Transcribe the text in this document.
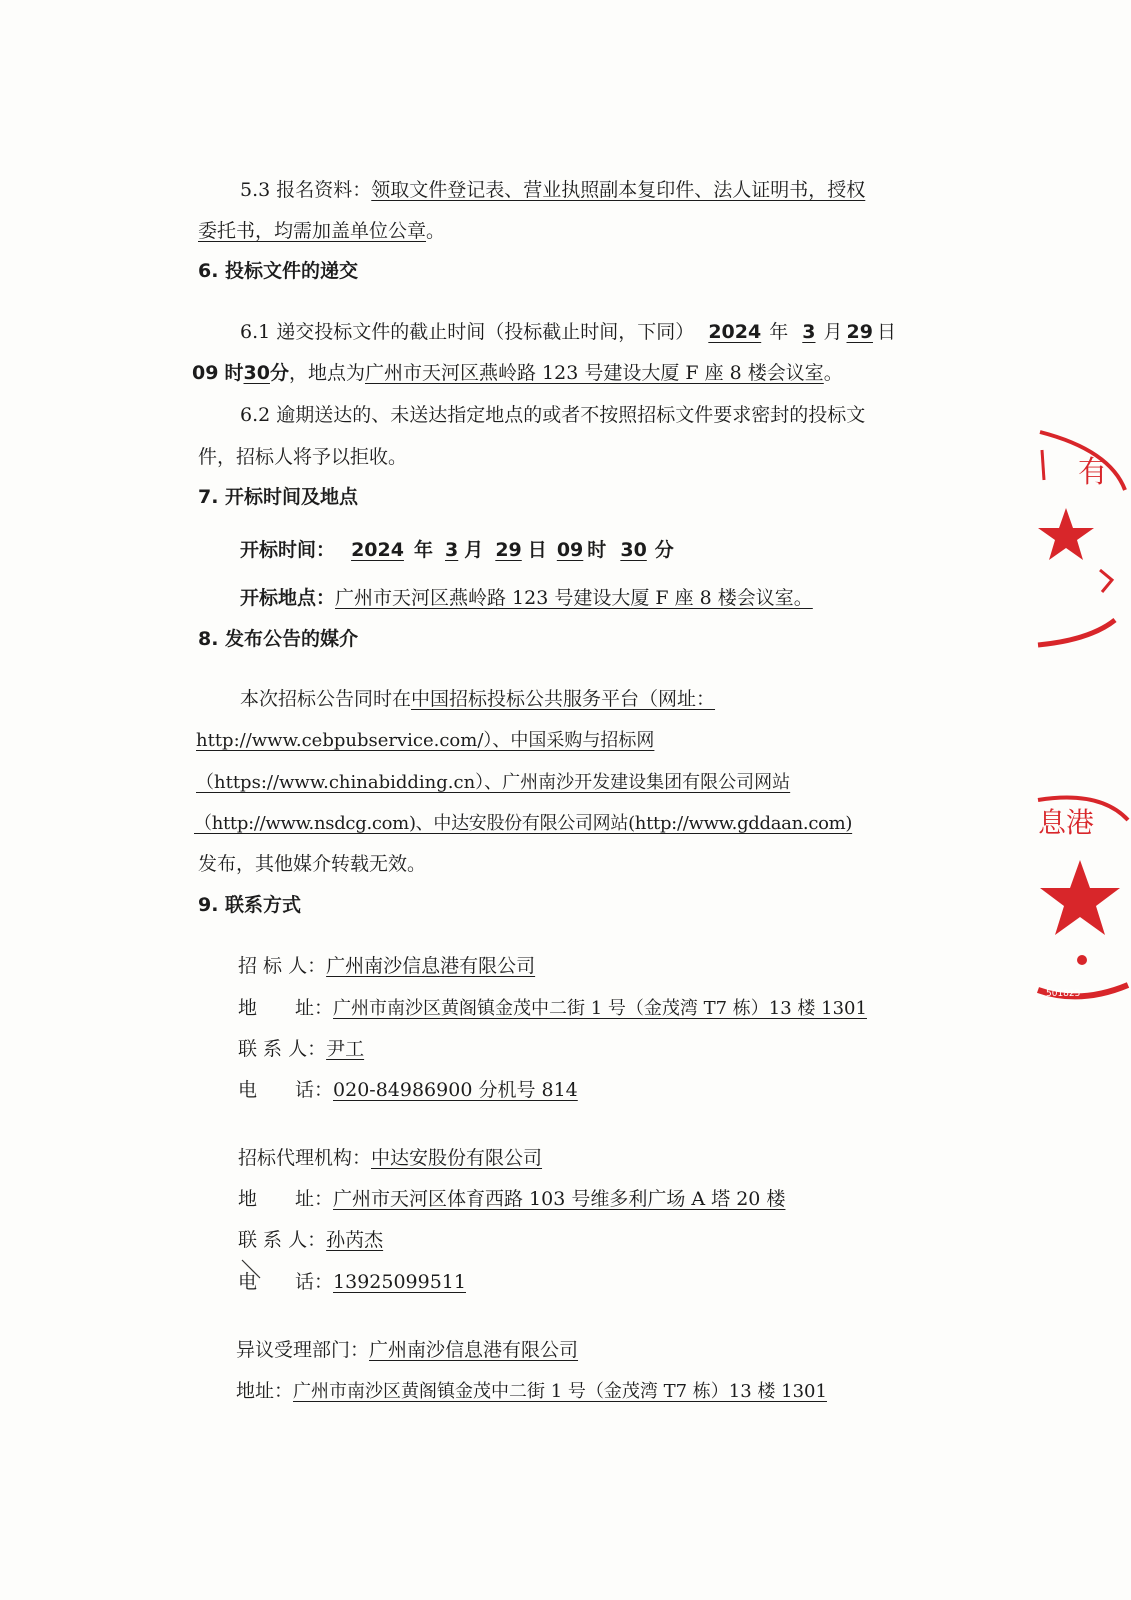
5.3 报名资料：领取文件登记表、营业执照副本复印件、法人证明书，授权
委托书，均需加盖单位公章。
6. 投标文件的递交
6.1 递交投标文件的截止时间（投标截止时间，下同） 2024 年 3 月 29 日
09 时30分，地点为广州市天河区燕岭路 123 号建设大厦 F 座 8 楼会议室。
6.2 逾期送达的、未送达指定地点的或者不按照招标文件要求密封的投标文
件，招标人将予以拒收。
7. 开标时间及地点
开标时间： 2024 年 3 月 29 日 09 时 30 分
开标地点：广州市天河区燕岭路 123 号建设大厦 F 座 8 楼会议室。
8. 发布公告的媒介
本次招标公告同时在中国招标投标公共服务平台（网址：
http://www.cebpubservice.com/）、中国采购与招标网
（https://www.chinabidding.cn）、广州南沙开发建设集团有限公司网站
（http://www.nsdcg.com)、中达安股份有限公司网站(http://www.gddaan.com)
发布，其他媒介转载无效。
9. 联系方式
招 标 人：广州南沙信息港有限公司
地　　址：广州市南沙区黄阁镇金茂中二街 1 号（金茂湾 T7 栋）13 楼 1301
联 系 人：尹工
电　　话：020-84986900 分机号 814
招标代理机构：中达安股份有限公司
地　　址：广州市天河区体育西路 103 号维多利广场 A 塔 20 楼
联 系 人：孙芮杰
电　　话：13925099511
异议受理部门：广州南沙信息港有限公司
地址：广州市南沙区黄阁镇金茂中二街 1 号（金茂湾 T7 栋）13 楼 1301
有
息港
501825
